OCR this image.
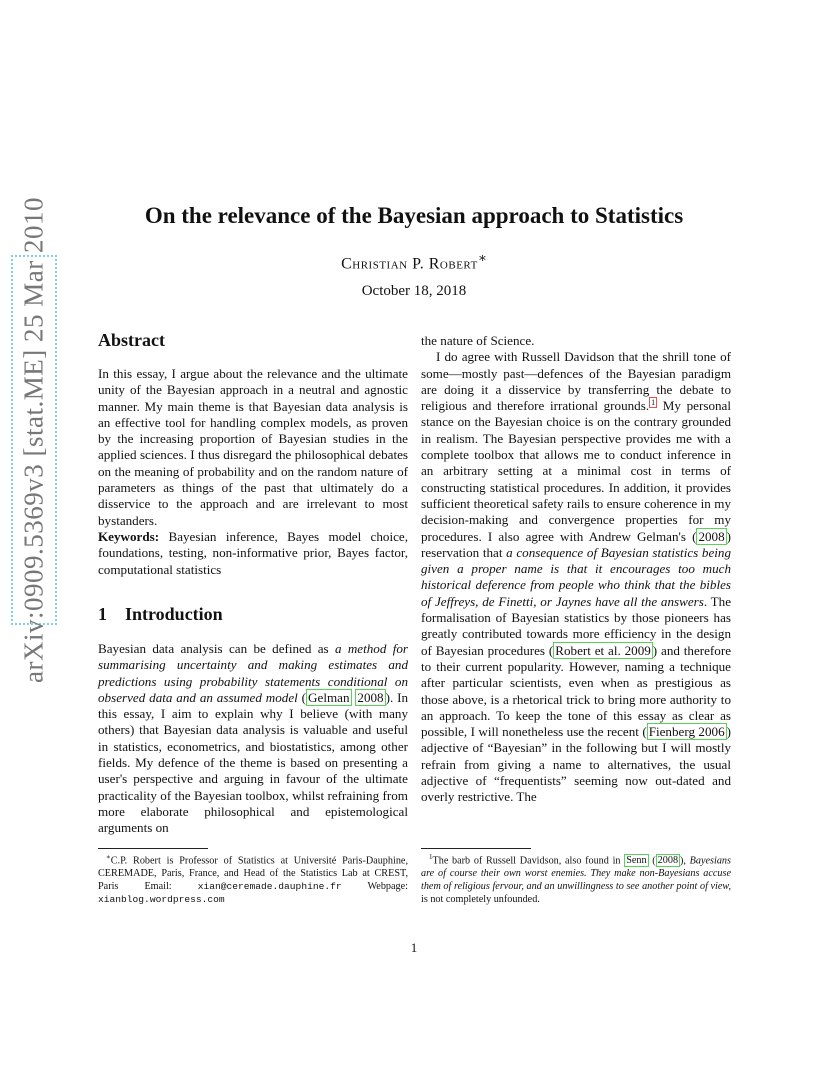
arXiv:0909.5369v3 [stat.ME] 25 Mar 2010	On the relevance of the Bayesian approach to Statistics
Christian P. Robert∗
October 18, 2018
Abstract

In this essay, I argue about the relevance and the ultimate unity of the Bayesian approach in a neutral and agnostic manner. My main theme is that Bayesian data analysis is an effective tool for handling complex models, as proven by the increasing proportion of Bayesian studies in the applied sciences. I thus disregard the philosophical debates on the meaning of probability and on the random nature of parameters as things of the past that ultimately do a disservice to the approach and are irrelevant to most bystanders.

Keywords: Bayesian inference, Bayes model choice, foundations, testing, non-informative prior, Bayes factor, computational statistics

1 Introduction

Bayesian data analysis can be defined as a method for summarising uncertainty and making estimates and predictions using probability statements conditional on observed data and an assumed model ( Gelman 2008 ). In this essay, I aim to explain why I believe (with many others) that Bayesian data analysis is valuable and useful in statistics, econometrics, and biostatistics, among other fields. My defence of the theme is based on presenting a user's perspective and arguing in favour of the ultimate practicality of the Bayesian toolbox, whilst refraining from more elaborate philosophical and epistemological arguments on

the nature of Science.

I do agree with Russell Davidson that the shrill tone of some—mostly past—defences of the Bayesian paradigm are doing it a disservice by transferring the debate to religious and therefore irrational grounds. $^1$ My personal stance on the Bayesian choice is on the contrary grounded in realism. The Bayesian perspective provides me with a complete toolbox that allows me to conduct inference in an arbitrary setting at a minimal cost in terms of constructing statistical procedures. In addition, it provides sufficient theoretical safety rails to ensure coherence in my decision-making and convergence properties for my procedures. I also agree with Andrew Gelman's ( 2008 ) reservation that a consequence of Bayesian statistics being given a proper name is that it encourages too much historical deference from people who think that the bibles of Jeffreys, de Finetti, or Jaynes have all the answers. The formalisation of Bayesian statistics by those pioneers has greatly contributed towards more efficiency in the design of Bayesian procedures ( Robert et al. 2009 ) and therefore to their current popularity. However, naming a technique after particular scientists, even when as prestigious as those above, is a rhetorical trick to bring more authority to an approach. To keep the tone of this essay as clear as possible, I will nonetheless use the recent ( Fienberg 2006 ) adjective of “Bayesian” in the following but I will mostly refrain from giving a name to alternatives, the usual adjective of “frequentists” seeming now out-dated and overly restrictive. The

∗C.P. Robert is Professor of Statistics at Université Paris-Dauphine, CEREMADE, Paris, France, and Head of the Statistics Lab at CREST, Paris Email: xian@ceremade.dauphine.fr Webpage: xianblog.wordpress.com
$^1$The barb of Russell Davidson, also found in Senn ( 2008 ), Bayesians are of course their own worst enemies. They make non-Bayesians accuse them of religious fervour, and an unwillingness to see another point of view, is not completely unfounded.
1
